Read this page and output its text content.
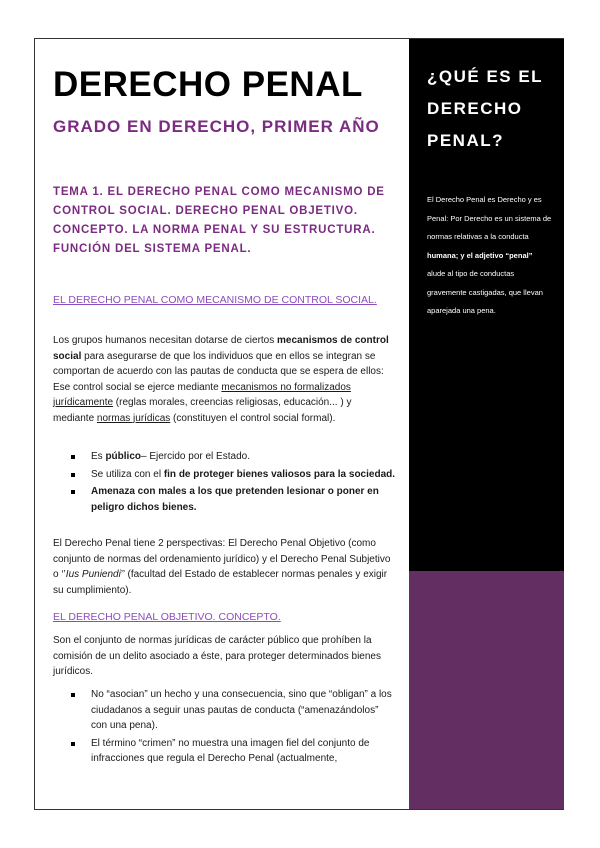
DERECHO PENAL

GRADO EN DERECHO, PRIMER AÑO

TEMA 1. EL DERECHO PENAL COMO MECANISMO DE CONTROL SOCIAL. DERECHO PENAL OBJETIVO. CONCEPTO. LA NORMA PENAL Y SU ESTRUCTURA. FUNCIÓN DEL SISTEMA PENAL.

EL DERECHO PENAL COMO MECANISMO DE CONTROL SOCIAL.

Los grupos humanos necesitan dotarse de ciertos mecanismos de control social para asegurarse de que los individuos que en ellos se integran se comportan de acuerdo con las pautas de conducta que se espera de ellos: Ese control social se ejerce mediante mecanismos no formalizados jurídicamente (reglas morales, creencias religiosas, educación... ) y mediante normas jurídicas (constituyen el control social formal).

Es público– Ejercido por el Estado.
Se utiliza con el fin de proteger bienes valiosos para la sociedad.
Amenaza con males a los que pretenden lesionar o poner en peligro dichos bienes.

El Derecho Penal tiene 2 perspectivas: El Derecho Penal Objetivo (como conjunto de normas del ordenamiento jurídico) y el Derecho Penal Subjetivo o ‘’Ius Puniendi’’ (facultad del Estado de establecer normas penales y exigir su cumplimiento).

EL DERECHO PENAL OBJETIVO. CONCEPTO.

Son el conjunto de normas jurídicas de carácter público que prohíben la comisión de un delito asociado a éste, para proteger determinados bienes jurídicos.

No “asocian” un hecho y una consecuencia, sino que “obligan” a los ciudadanos a seguir unas pautas de conducta (“amenazándolos” con una pena).
El término “crimen” no muestra una imagen fiel del conjunto de infracciones que regula el Derecho Penal (actualmente,
¿QUÉ ES EL DERECHO PENAL?
El Derecho Penal es Derecho y es Penal: Por Derecho es un sistema de normas relativas a la conducta humana; y el adjetivo “penal” alude al tipo de conductas gravemente castigadas, que llevan aparejada una pena.
